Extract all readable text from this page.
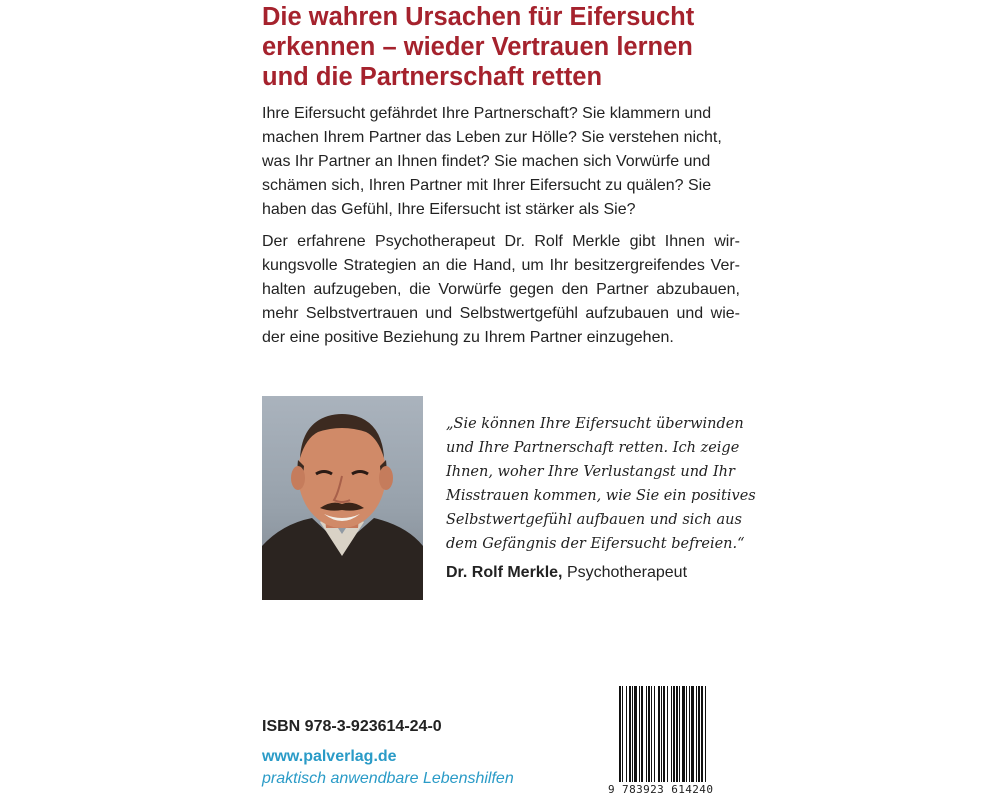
Die wahren Ursachen für Eifersucht
erkennen – wieder Vertrauen lernen
und die Partnerschaft retten

Ihre Eifersucht gefährdet Ihre Partnerschaft? Sie klammern und
machen Ihrem Partner das Leben zur Hölle? Sie verstehen nicht,
was Ihr Partner an Ihnen findet? Sie machen sich Vorwürfe und
schämen sich, Ihren Partner mit Ihrer Eifersucht zu quälen? Sie
haben das Gefühl, Ihre Eifersucht ist stärker als Sie?

Der erfahrene Psychotherapeut Dr. Rolf Merkle gibt Ihnen wir-
kungsvolle Strategien an die Hand, um Ihr besitzergreifendes Ver-
halten aufzugeben, die Vorwürfe gegen den Partner abzubauen,
mehr Selbstvertrauen und Selbstwertgefühl aufzubauen und wie-
der eine positive Beziehung zu Ihrem Partner einzugehen.

„Sie können Ihre Eifersucht überwinden
und Ihre Partnerschaft retten. Ich zeige
Ihnen, woher Ihre Verlustangst und Ihr
Misstrauen kommen, wie Sie ein positives
Selbstwertgefühl aufbauen und sich aus
dem Gefängnis der Eifersucht befreien.“

Dr. Rolf Merkle, Psychotherapeut
ISBN 978-3-923614-24-0
www.palverlag.de
praktisch anwendbare Lebenshilfen
9 783923 614240
